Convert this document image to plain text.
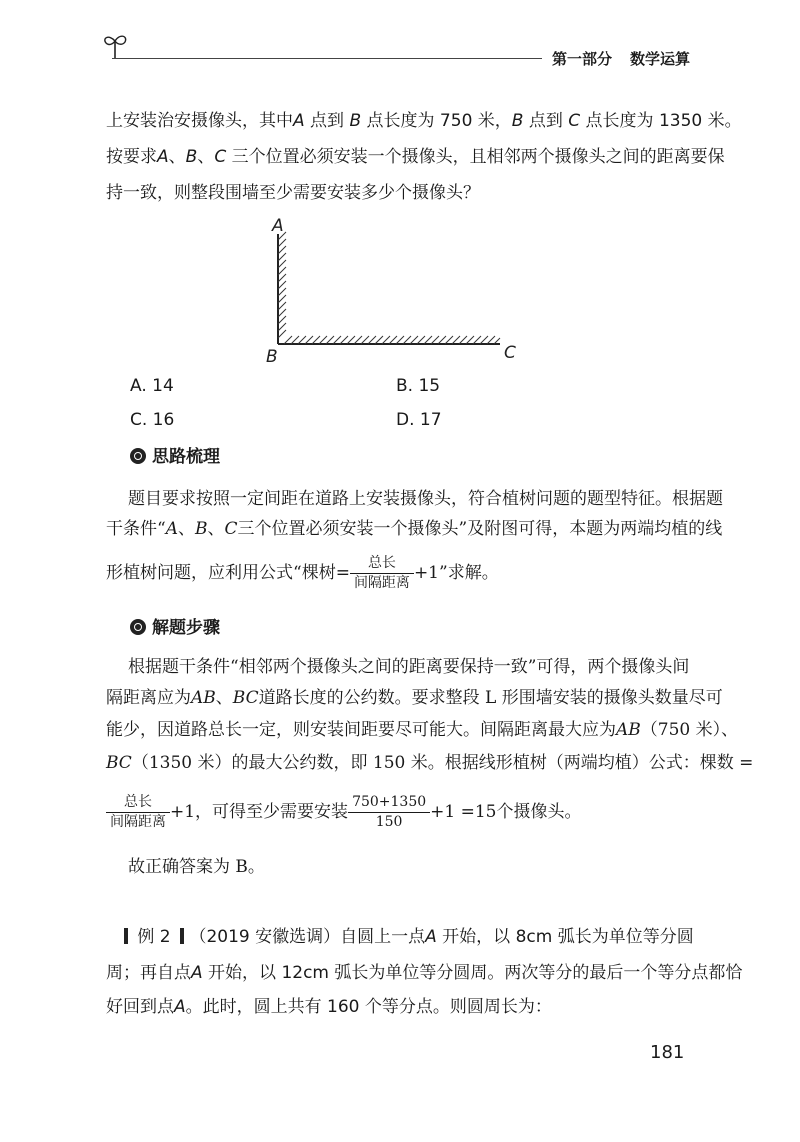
第一部分 数学运算
上安装治安摄像头，其中A 点到 B 点长度为 750 米，B 点到 C 点长度为 1350 米。
按要求A、B、C 三个位置必须安装一个摄像头，且相邻两个摄像头之间的距离要保
持一致，则整段围墙至少需要安装多少个摄像头？
A
B	C
A. 14	B. 15
C. 16	D. 17
思路梳理
题目要求按照一定间距在道路上安装摄像头，符合植树问题的题型特征。根据题
干条件“A、B、C三个位置必须安装一个摄像头”及附图可得，本题为两端均植的线
形植树问题，应利用公式“棵树= $\frac{\text{总长}}{\text{间隔距离}} +1$”求解。
解题步骤
根据题干条件“相邻两个摄像头之间的距离要保持一致”可得，两个摄像头间
隔距离应为AB、BC道路长度的公约数。要求整段 L 形围墙安装的摄像头数量尽可
能少，因道路总长一定，则安装间距要尽可能大。间隔距离最大应为AB（750 米）、
BC（1350 米）的最大公约数，即 150 米。根据线形植树（两端均植）公式：棵数 =
$\frac{\text{总长}}{\text{间隔距离}} +1$，可得至少需要安装 $\frac{750+1350}{150} +1 =15$个摄像头。
故正确答案为 B。
例 2 （2019 安徽选调）自圆上一点A 开始，以 8cm 弧长为单位等分圆
周；再自点A 开始，以 12cm 弧长为单位等分圆周。两次等分的最后一个等分点都恰
好回到点A。此时，圆上共有 160 个等分点。则圆周长为：
181
